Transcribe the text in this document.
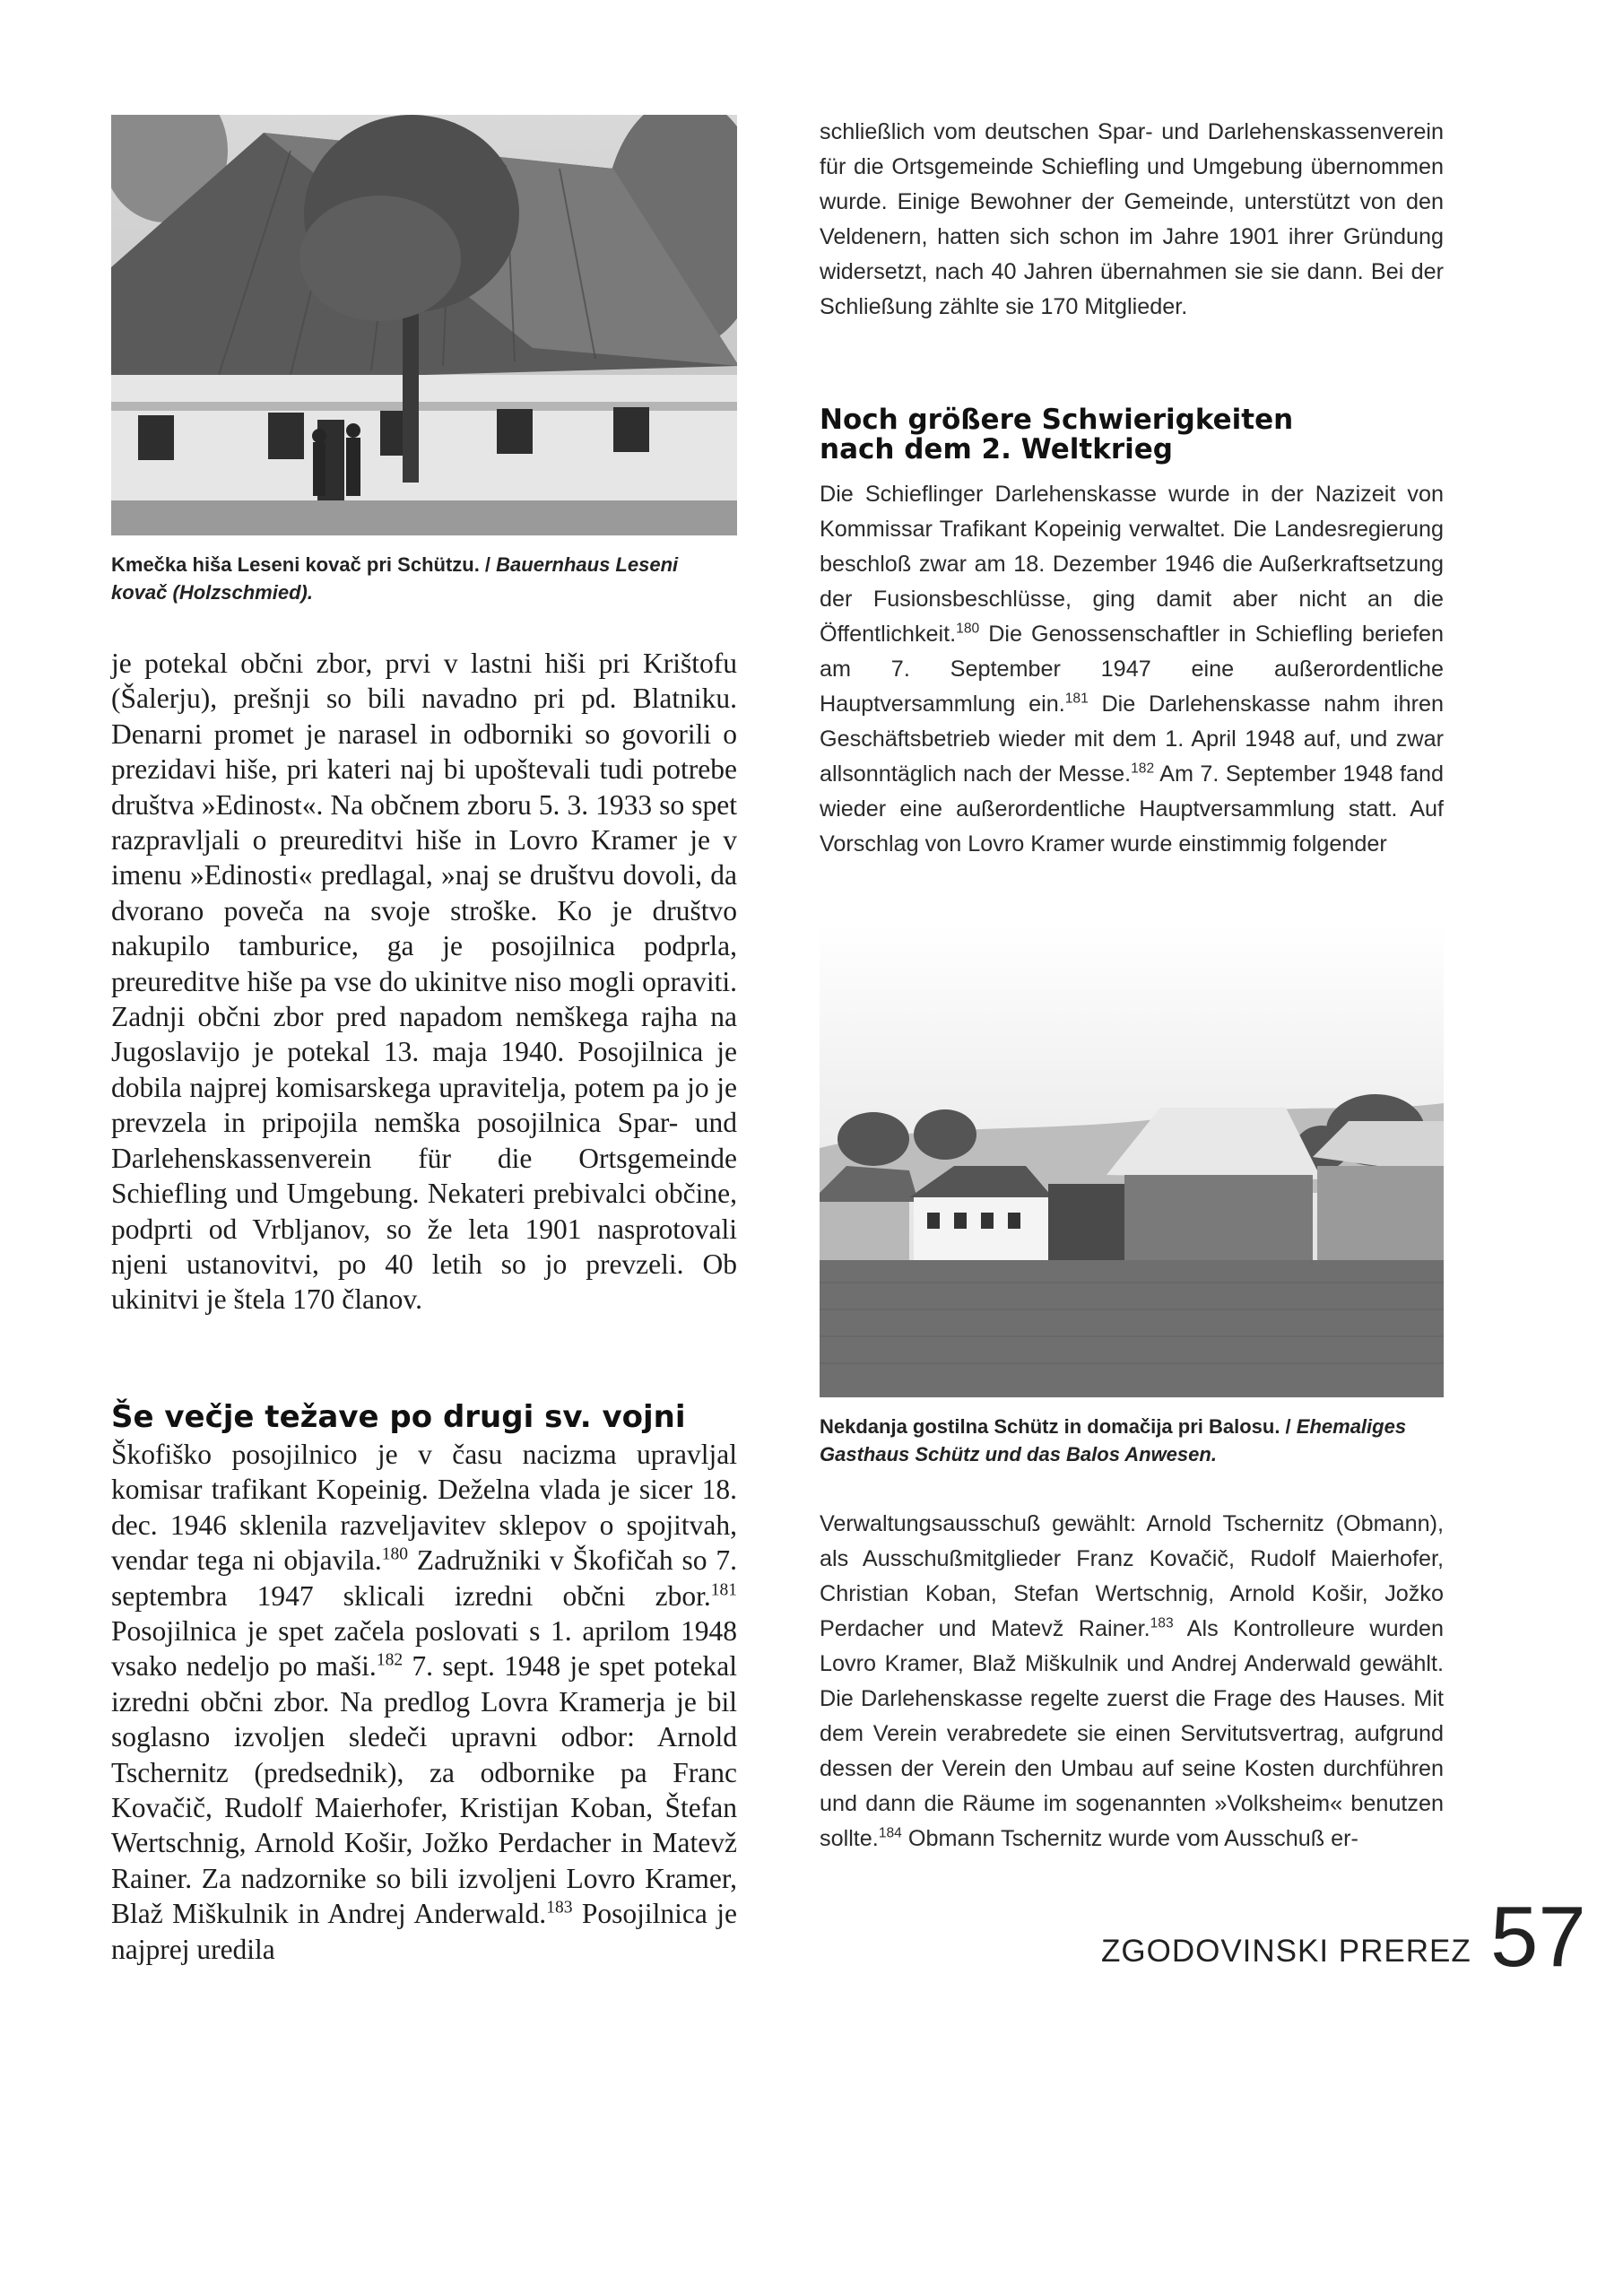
Kmečka hiša Leseni kovač pri Schützu. / Bauernhaus Leseni kovač (Holzschmied).

je potekal občni zbor, prvi v lastni hiši pri Krištofu (Šalerju), prešnji so bili navadno pri pd. Blatniku. Denarni promet je narasel in odborniki so govorili o prezidavi hiše, pri kateri naj bi upoštevali tudi potrebe društva »Edinost«. Na občnem zboru 5. 3. 1933 so spet razpravljali o preureditvi hiše in Lovro Kramer je v imenu »Edinosti« predlagal, »naj se društvu dovoli, da dvorano poveča na svoje stroške. Ko je društvo nakupilo tamburice, ga je posojilnica podprla, preureditve hiše pa vse do ukinitve niso mogli opraviti. Zadnji občni zbor pred napadom nemškega rajha na Jugoslavijo je potekal 13. maja 1940. Posojilnica je dobila najprej komisarskega upravitelja, potem pa jo je prevzela in pripojila nemška posojilnica Spar- und Darlehenskassenverein für die Ortsgemeinde Schiefling und Umgebung. Nekateri prebivalci občine, podprti od Vrbljanov, so že leta 1901 nasprotovali njeni ustanovitvi, po 40 letih so jo prevzeli. Ob ukinitvi je štela 170 članov.

Še večje težave po drugi sv. vojni

Škofiško posojilnico je v času nacizma upravljal komisar trafikant Kopeinig. Deželna vlada je sicer 18. dec. 1946 sklenila razveljavitev sklepov o spojitvah, vendar tega ni objavila.$^{180}$ Zadružniki v Škofičah so 7. septembra 1947 sklicali izredni občni zbor.$^{181}$ Posojilnica je spet začela poslovati s 1. aprilom 1948 vsako nedeljo po maši.$^{182}$ 7. sept. 1948 je spet potekal izredni občni zbor. Na predlog Lovra Kramerja je bil soglasno izvoljen sledeči upravni odbor: Arnold Tschernitz (predsednik), za odbornike pa Franc Kovačič, Rudolf Maierhofer, Kristijan Koban, Štefan Wertschnig, Arnold Košir, Jožko Perdacher in Matevž Rainer. Za nadzornike so bili izvoljeni Lovro Kramer, Blaž Miškulnik in Andrej Anderwald.$^{183}$ Posojilnica je najprej uredila

schließlich vom deutschen Spar- und Darlehenskassenverein für die Ortsgemeinde Schiefling und Umgebung übernommen wurde. Einige Bewohner der Gemeinde, unterstützt von den Veldenern, hatten sich schon im Jahre 1901 ihrer Gründung widersetzt, nach 40 Jahren übernahmen sie sie dann. Bei der Schließung zählte sie 170 Mitglieder.

Noch größere Schwierigkeiten
nach dem 2. Weltkrieg

Die Schieflinger Darlehenskasse wurde in der Nazizeit von Kommissar Trafikant Kopeinig verwaltet. Die Landesregierung beschloß zwar am 18. Dezember 1946 die Außerkraftsetzung der Fusionsbeschlüsse, ging damit aber nicht an die Öffentlichkeit.$^{180}$ Die Genossenschaftler in Schiefling beriefen am 7. September 1947 eine außerordentliche Hauptversammlung ein.$^{181}$ Die Darlehenskasse nahm ihren Geschäftsbetrieb wieder mit dem 1. April 1948 auf, und zwar allsonntäglich nach der Messe.$^{182}$ Am 7. September 1948 fand wieder eine außerordentliche Hauptversammlung statt. Auf Vorschlag von Lovro Kramer wurde einstimmig folgender

Nekdanja gostilna Schütz in domačija pri Balosu. / Ehemaliges Gasthaus Schütz und das Balos Anwesen.

Verwaltungsausschuß gewählt: Arnold Tschernitz (Obmann), als Ausschußmitglieder Franz Kovačič, Rudolf Maierhofer, Christian Koban, Stefan Wertschnig, Arnold Košir, Jožko Perdacher und Matevž Rainer.$^{183}$ Als Kontrolleure wurden Lovro Kramer, Blaž Miškulnik und Andrej Anderwald gewählt. Die Darlehenskasse regelte zuerst die Frage des Hauses. Mit dem Verein verabredete sie einen Servitutsvertrag, aufgrund dessen der Verein den Umbau auf seine Kosten durchführen und dann die Räume im sogenannten »Volksheim« benutzen sollte.$^{184}$ Obmann Tschernitz wurde vom Ausschuß er-

ZGODOVINSKI PREREZ 57
